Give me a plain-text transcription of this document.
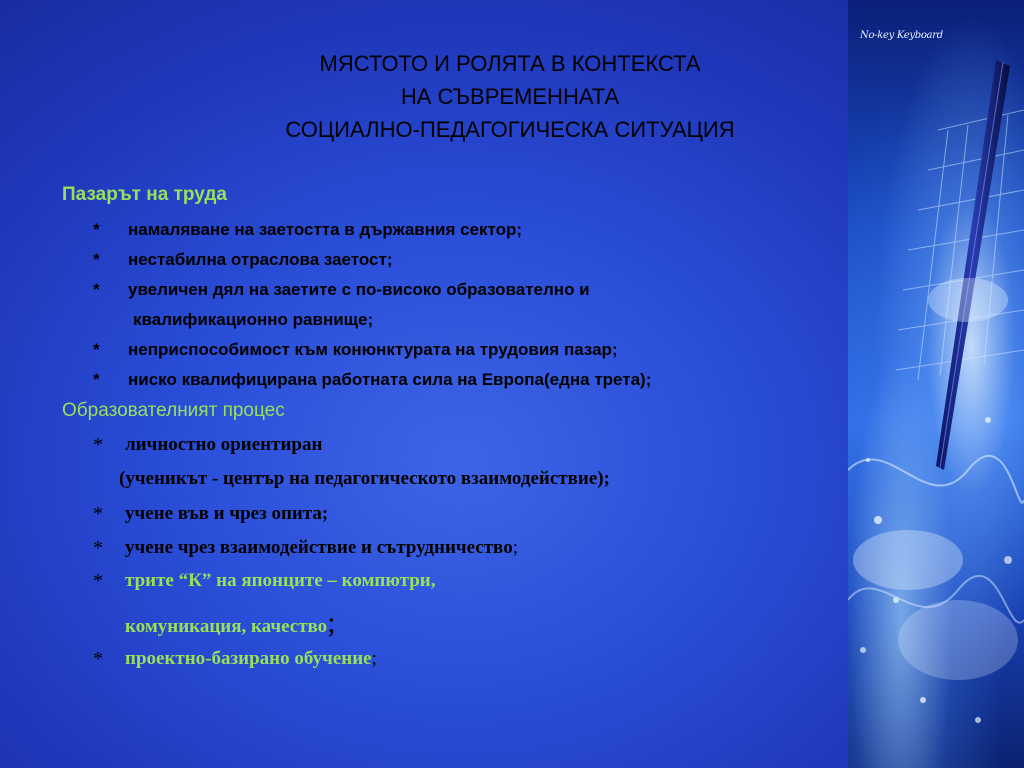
МЯСТОТО И РОЛЯТА В КОНТЕКСТА
НА СЪВРЕМЕННАТА
СОЦИАЛНО-ПЕДАГОГИЧЕСКА СИТУАЦИЯ
Пазарът на труда
* намаляване на заетостта в държавния сектор;
* нестабилна отраслова заетост;
* увеличен дял на заетите с по-високо образователно и
квалификационно равнище;
* неприспособимост към конюнктурата на трудовия пазар;
* ниско квалифицирана работната сила на Европа(една трета);
Образователният процес
* личностно ориентиран
(ученикът - център на педагогическото взаимодействие);
* учене във и чрез опита;
* учене чрез взаимодействие и сътрудничество;
* трите “К” на японците – компютри,
комуникация, качество;
* проектно-базирано обучение;
No-key Keyboard
